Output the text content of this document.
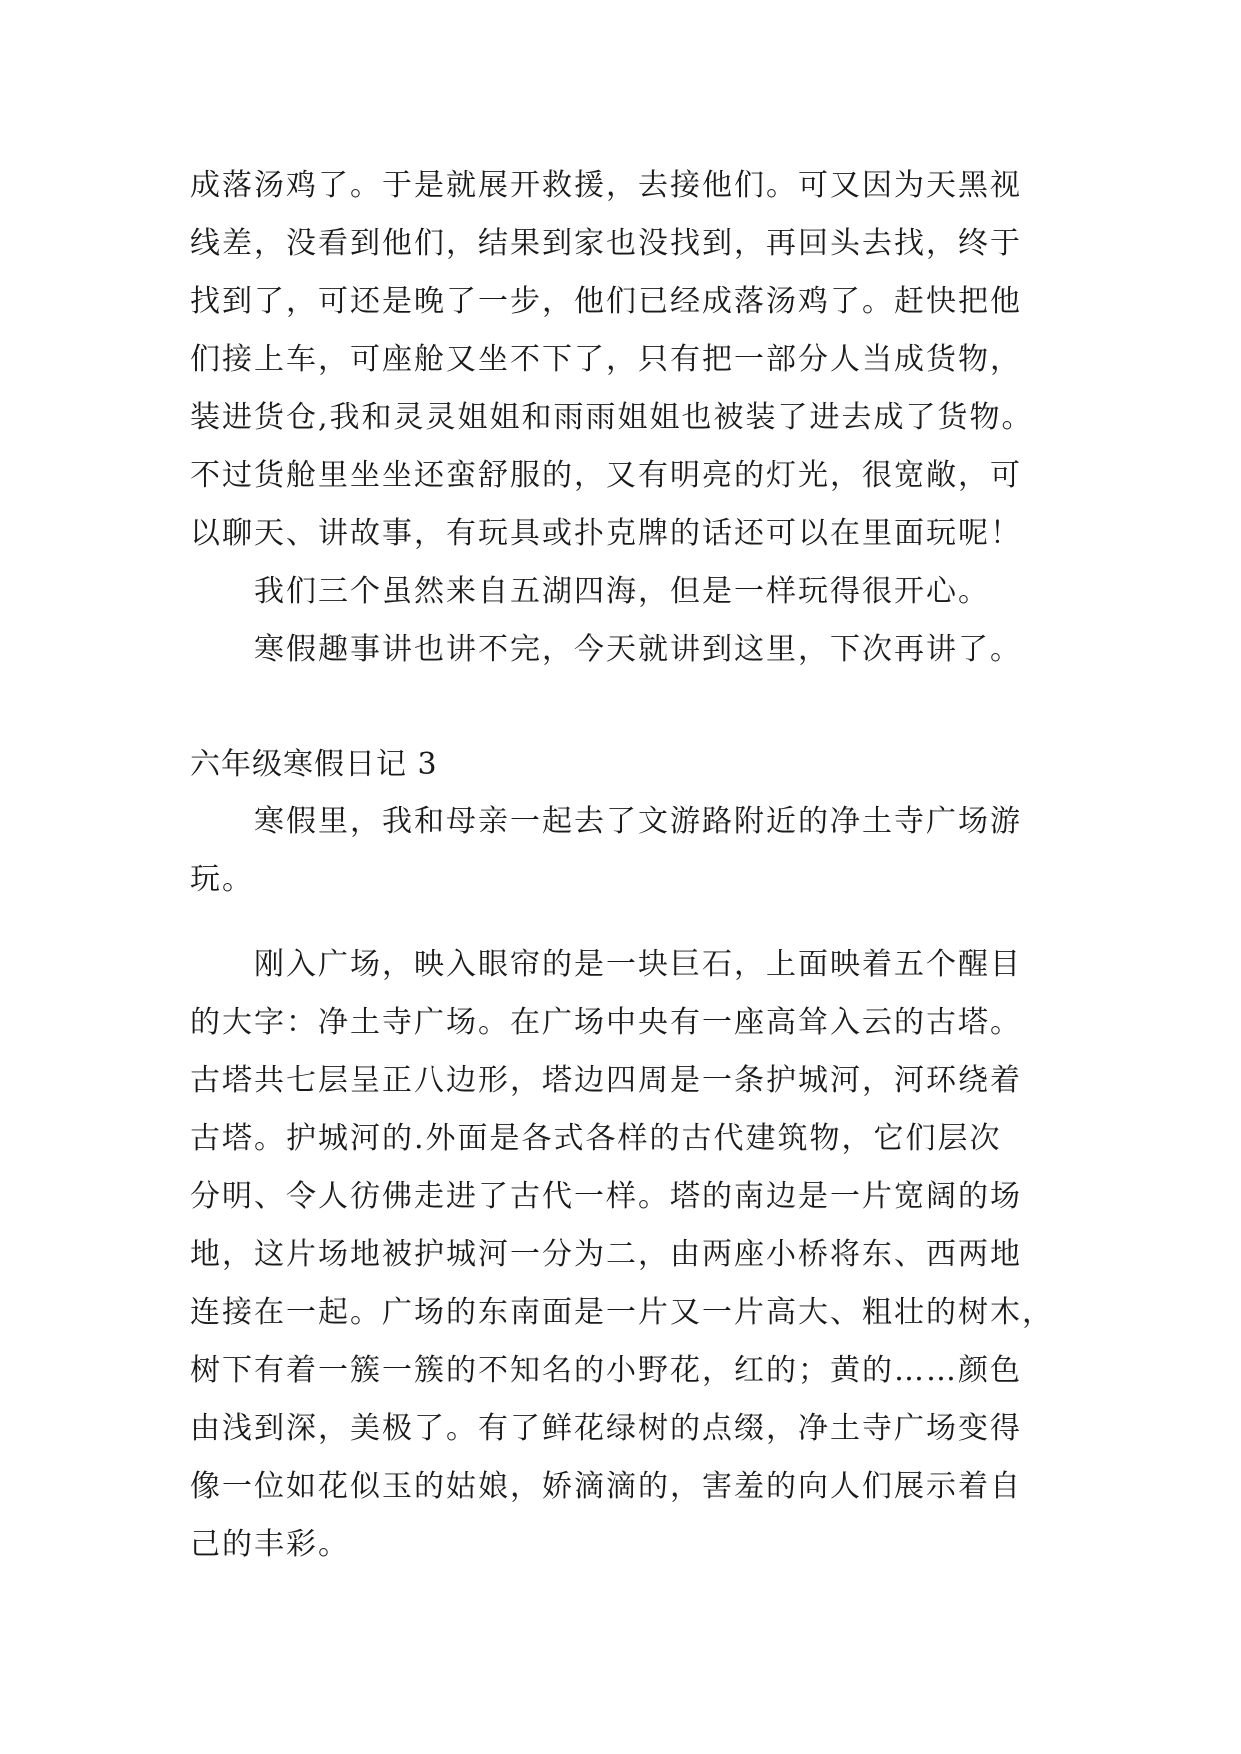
成落汤鸡了。于是就展开救援，去接他们。可又因为天黑视
线差，没看到他们，结果到家也没找到，再回头去找，终于
找到了，可还是晚了一步，他们已经成落汤鸡了。赶快把他
们接上车，可座舱又坐不下了，只有把一部分人当成货物，
装进货仓,我和灵灵姐姐和雨雨姐姐也被装了进去成了货物。
不过货舱里坐坐还蛮舒服的，又有明亮的灯光，很宽敞，可
以聊天、讲故事，有玩具或扑克牌的话还可以在里面玩呢！
我们三个虽然来自五湖四海，但是一样玩得很开心。
寒假趣事讲也讲不完，今天就讲到这里，下次再讲了。
六年级寒假日记 3
寒假里，我和母亲一起去了文游路附近的净土寺广场游
玩。
刚入广场，映入眼帘的是一块巨石，上面映着五个醒目
的大字：净土寺广场。在广场中央有一座高耸入云的古塔。
古塔共七层呈正八边形，塔边四周是一条护城河，河环绕着
古塔。护城河的.外面是各式各样的古代建筑物，它们层次
分明、令人彷佛走进了古代一样。塔的南边是一片宽阔的场
地，这片场地被护城河一分为二，由两座小桥将东、西两地
连接在一起。广场的东南面是一片又一片高大、粗壮的树木，
树下有着一簇一簇的不知名的小野花，红的；黄的……颜色
由浅到深，美极了。有了鲜花绿树的点缀，净土寺广场变得
像一位如花似玉的姑娘，娇滴滴的，害羞的向人们展示着自
己的丰彩。
